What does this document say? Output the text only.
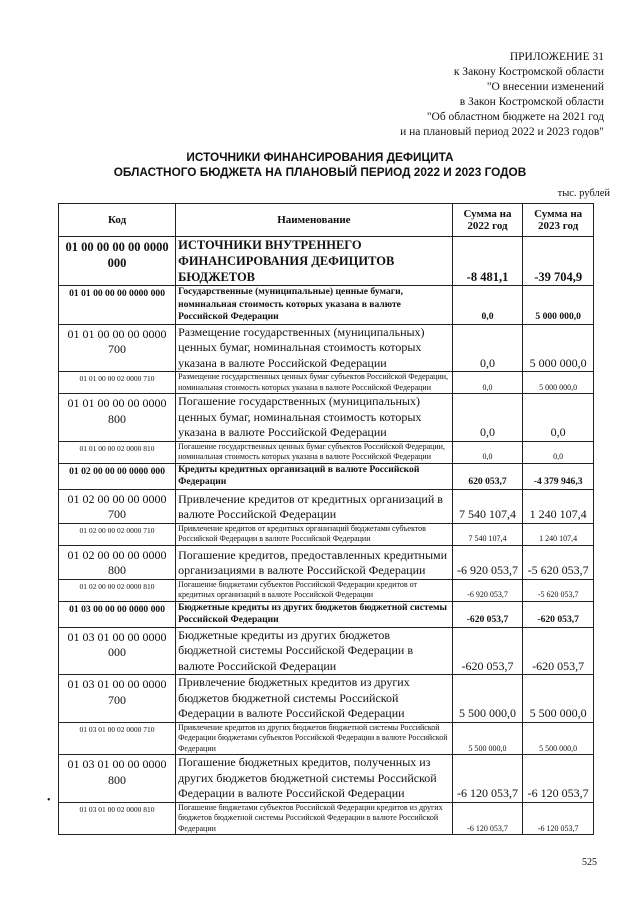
ПРИЛОЖЕНИЕ 31
к Закону Костромской области
"О внесении изменений
в Закон Костромской области
"Об областном бюджете на 2021 год
и на плановый период 2022 и 2023 годов"
ИСТОЧНИКИ ФИНАНСИРОВАНИЯ ДЕФИЦИТА
ОБЛАСТНОГО БЮДЖЕТА НА ПЛАНОВЫЙ ПЕРИОД 2022 И 2023 ГОДОВ
тыс. рублей
Код	Наименование	Сумма на 2022 год	Сумма на 2023 год
01 00 00 00 00 0000 000	ИСТОЧНИКИ ВНУТРЕННЕГО ФИНАНСИРОВАНИЯ ДЕФИЦИТОВ БЮДЖЕТОВ	-8 481,1	-39 704,9
01 01 00 00 00 0000 000	Государственные (муниципальные) ценные бумаги, номинальная стоимость которых указана в валюте Российской Федерации	0,0	5 000 000,0
01 01 00 00 00 0000 700	Размещение государственных (муниципальных) ценных бумаг, номинальная стоимость которых указана в валюте Российской Федерации	0,0	5 000 000,0
01 01 00 00 02 0000 710	Размещение государственных ценных бумаг субъектов Российской Федерации, номинальная стоимость которых указана в валюте Российской Федерации	0,0	5 000 000,0
01 01 00 00 00 0000 800	Погашение государственных (муниципальных) ценных бумаг, номинальная стоимость которых указана в валюте Российской Федерации	0,0	0,0
01 01 00 00 02 0000 810	Погашение государственных ценных бумаг субъектов Российской Федерации, номинальная стоимость которых указана в валюте Российской Федерации	0,0	0,0
01 02 00 00 00 0000 000	Кредиты кредитных организаций в валюте Российской Федерации	620 053,7	-4 379 946,3
01 02 00 00 00 0000 700	Привлечение кредитов от кредитных организаций в валюте Российской Федерации	7 540 107,4	1 240 107,4
01 02 00 00 02 0000 710	Привлечение кредитов от кредитных организаций бюджетами субъектов Российской Федерации в валюте Российской Федерации	7 540 107,4	1 240 107,4
01 02 00 00 00 0000 800	Погашение кредитов, предоставленных кредитными организациями в валюте Российской Федерации	-6 920 053,7	-5 620 053,7
01 02 00 00 02 0000 810	Погашение бюджетами субъектов Российской Федерации кредитов от кредитных организаций в валюте Российской Федерации	-6 920 053,7	-5 620 053,7
01 03 00 00 00 0000 000	Бюджетные кредиты из других бюджетов бюджетной системы Российской Федерации	-620 053,7	-620 053,7
01 03 01 00 00 0000 000	Бюджетные кредиты из других бюджетов бюджетной системы Российской Федерации в валюте Российской Федерации	-620 053,7	-620 053,7
01 03 01 00 00 0000 700	Привлечение бюджетных кредитов из других бюджетов бюджетной системы Российской Федерации в валюте Российской Федерации	5 500 000,0	5 500 000,0
01 03 01 00 02 0000 710	Привлечение кредитов из других бюджетов бюджетной системы Российской Федерации бюджетами субъектов Российской Федерации в валюте Российской Федерации	5 500 000,0	5 500 000,0
01 03 01 00 00 0000 800	Погашение бюджетных кредитов, полученных из других бюджетов бюджетной системы Российской Федерации в валюте Российской Федерации	-6 120 053,7	-6 120 053,7
01 03 01 00 02 0000 810	Погашение бюджетами субъектов Российской Федерации кредитов из других бюджетов бюджетной системы Российской Федерации в валюте Российской Федерации	-6 120 053,7	-6 120 053,7
•
525
